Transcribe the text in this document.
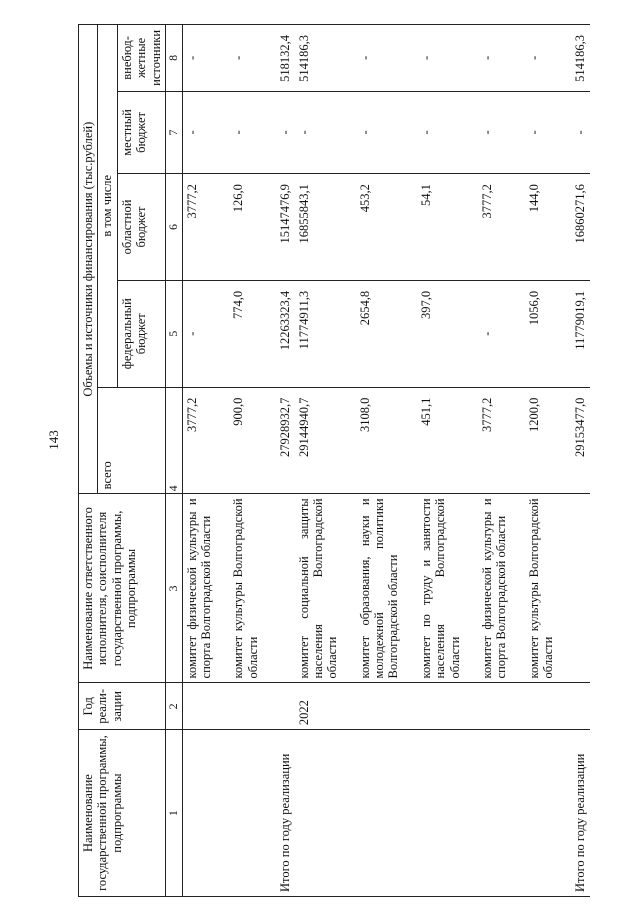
143
Наименование государственной программы, подпрограммы	Год реали-зации	Наименование ответственного исполнителя, соисполнителя государственной программы, подпрограммы	Объемы и источники финансирования (тыс.рублей)				
			всего	в том числе			
				федеральный бюджет	областной бюджет	местный бюджет	внебюд-жетные источники
1	2	3	4	5	6	7	8
		комитет физической культуры и спорта Волгоградской области	3777,2	-	3777,2	-	-

		комитет культуры Волгоградской области	900,0	774,0	126,0	-	-

Итого по году реализации			27928932,7	12263323,4	15147476,9	-	518132,4
	2022	комитет социальной защиты населения Волгоградской области	29144940,7	11774911,3	16855843,1	-	514186,3

		комитет образования, науки и молодежной политики Волгоградской области	3108,0	2654,8	453,2	-	-

		комитет по труду и занятости населения Волгоградской области	451,1	397,0	54,1	-	-

		комитет физической культуры и спорта Волгоградской области	3777,2	-	3777,2	-	-

		комитет культуры Волгоградской области	1200,0	1056,0	144,0	-	-

Итого по году реализации			29153477,0	11779019,1	16860271,6	-	514186,3
